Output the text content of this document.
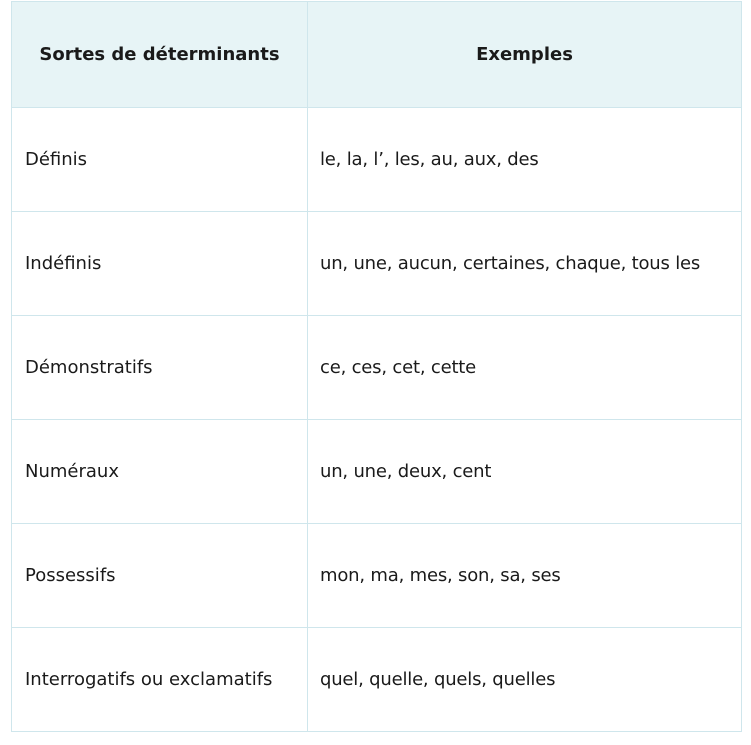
Sortes de déterminants	Exemples
Définis	le, la, l’, les, au, aux, des
Indéfinis	un, une, aucun, certaines, chaque, tous les
Démonstratifs	ce, ces, cet, cette
Numéraux	un, une, deux, cent
Possessifs	mon, ma, mes, son, sa, ses
Interrogatifs ou exclamatifs	quel, quelle, quels, quelles
